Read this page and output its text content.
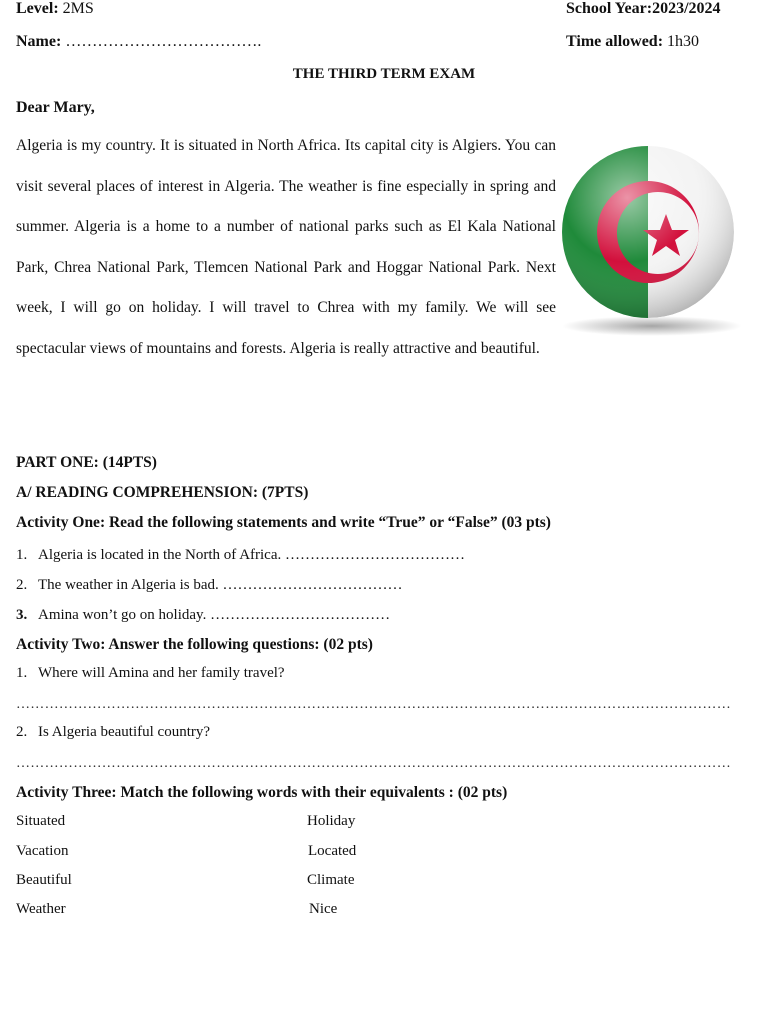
Level: 2MS	School Year:2023/2024
Name: ……………………………….	Time allowed: 1h30
THE THIRD TERM EXAM
Dear Mary,
Algeria is my country. It is situated in North Africa. Its capital city is Algiers. You can visit several places of interest in Algeria. The weather is fine especially in spring and summer. Algeria is a home to a number of national parks such as El Kala National Park, Chrea National Park, Tlemcen National Park and Hoggar National Park. Next week, I will go on holiday. I will travel to Chrea with my family. We will see spectacular views of mountains and forests. Algeria is really attractive and beautiful.
PART ONE: (14PTS)
A/ READING COMPREHENSION: (7PTS)
Activity One: Read the following statements and write “True” or “False” (03 pts)
1. Algeria is located in the North of Africa. ………………………………
2. The weather in Algeria is bad. ………………………………
3. Amina won’t go on holiday. ………………………………
Activity Two: Answer the following questions: (02 pts)
1. Where will Amina and her family travel?
……………………………………………………………………………………………………………………………………
2. Is Algeria beautiful country?
……………………………………………………………………………………………………………………………………
Activity Three: Match the following words with their equivalents : (02 pts)
Situated	Holiday
Vacation	Located
Beautiful	Climate
Weather	Nice
